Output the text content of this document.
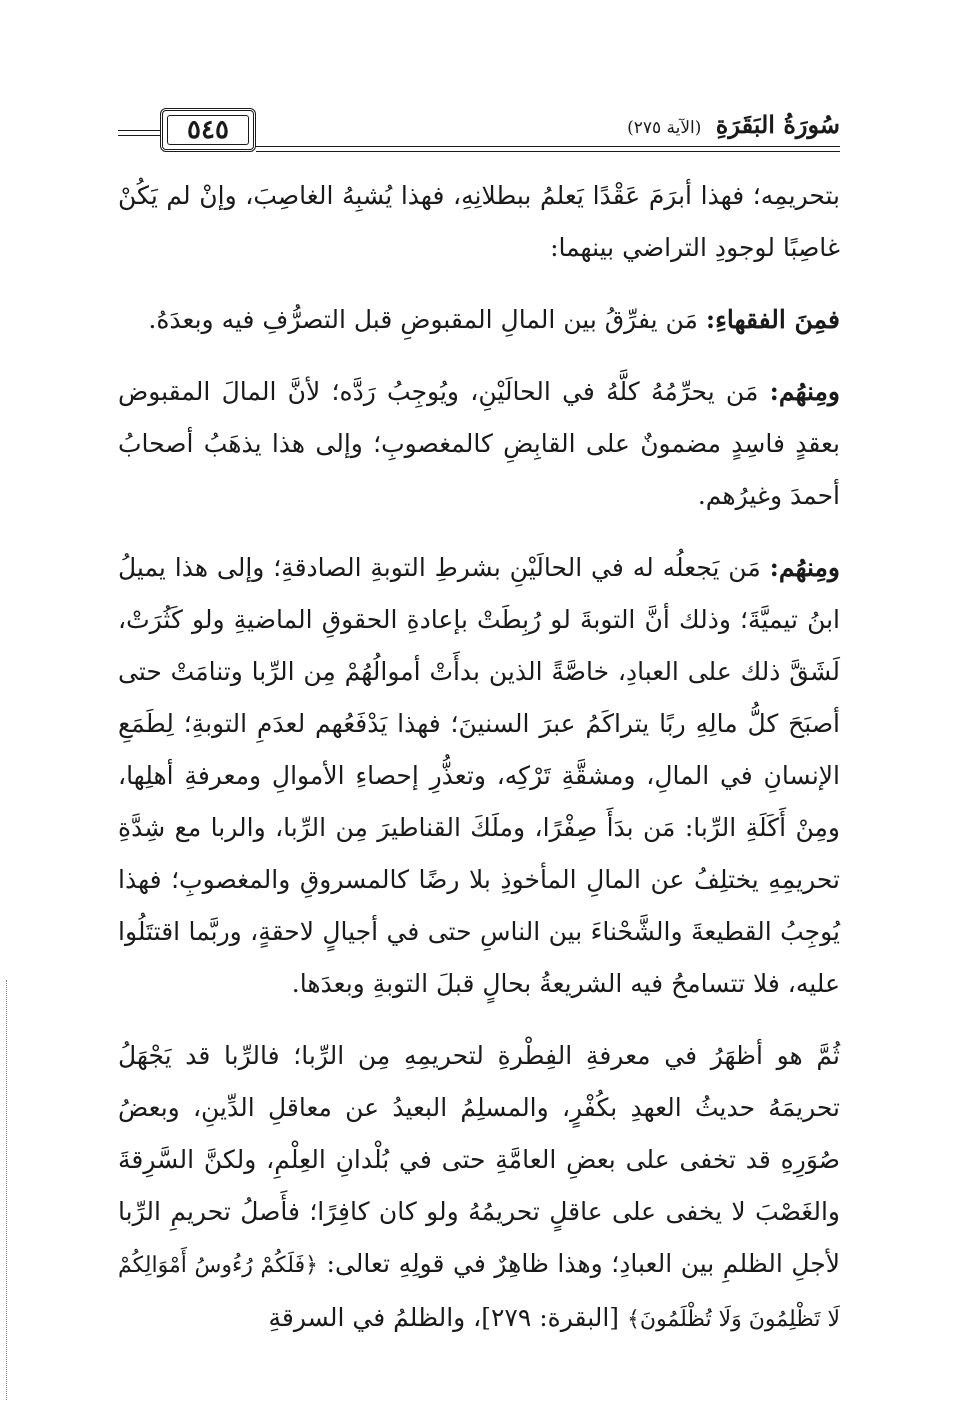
٥٤٥	سُورَةُ البَقَرَةِ (الآية ٢٧٥)

بتحريمِه؛ فهذا أبرَمَ عَقْدًا يَعلمُ ببطلانِهِ، فهذا يُشبِهُ الغاصِبَ، وإنْ لم يَكُنْ غاصِبًا لوجودِ التراضي بينهما:

فمِنَ الفقهاءِ: مَن يفرِّقُ بين المالِ المقبوضِ قبل التصرُّفِ فيه وبعدَهُ.

ومِنهُم: مَن يحرِّمُهُ كلَّهُ في الحالَيْنِ، ويُوجِبُ رَدَّه؛ لأنَّ المالَ المقبوض بعقدٍ فاسِدٍ مضمونٌ على القابِضِ كالمغصوبِ؛ وإلى هذا يذهَبُ أصحابُ أحمدَ وغيرُهم.

ومِنهُم: مَن يَجعلُه له في الحالَيْنِ بشرطِ التوبةِ الصادقةِ؛ وإلى هذا يميلُ ابنُ تيميَّةَ؛ وذلك أنَّ التوبةَ لو رُبِطَتْ بإعادةِ الحقوقِ الماضيةِ ولو كَثُرَتْ، لَشَقَّ ذلك على العبادِ، خاصَّةً الذين بدأَتْ أموالُهُمْ مِن الرِّبا وتنامَتْ حتى أصبَحَ كلُّ مالِهِ ربًا يتراكَمُ عبرَ السنينَ؛ فهذا يَدْفَعُهم لعدَمِ التوبةِ؛ لِطَمَعِ الإنسانِ في المالِ، ومشقَّةِ تَرْكِه، وتعذُّرِ إحصاءِ الأموالِ ومعرفةِ أهلِها، ومِنْ أَكَلَةِ الرِّبا: مَن بدَأَ صِفْرًا، وملَكَ القناطيرَ مِن الرِّبا، والربا مع شِدَّةِ تحريمِهِ يختلِفُ عن المالِ المأخوذِ بلا رضًا كالمسروقِ والمغصوبِ؛ فهذا يُوجِبُ القطيعةَ والشَّحْناءَ بين الناسِ حتى في أجيالٍ لاحقةٍ، وربَّما اقتتَلُوا عليه، فلا تتسامحُ فيه الشريعةُ بحالٍ قبلَ التوبةِ وبعدَها.

ثُمَّ هو أظهَرُ في معرفةِ الفِطْرةِ لتحريمِهِ مِن الرِّبا؛ فالرِّبا قد يَجْهَلُ تحريمَهُ حديثُ العهدِ بكُفْرٍ، والمسلِمُ البعيدُ عن معاقلِ الدِّينِ، وبعضُ صُوَرِهِ قد تخفى على بعضِ العامَّةِ حتى في بُلْدانِ العِلْمِ، ولكنَّ السَّرِقةَ والغَصْبَ لا يخفى على عاقلٍ تحريمُهُ ولو كان كافِرًا؛ فأَصلُ تحريمِ الرِّبا لأجلِ الظلمِ بين العبادِ؛ وهذا ظاهِرٌ في قولِهِ تعالى: ﴿فَلَكُمْ رُءُوسُ أَمْوَالِكُمْ لَا تَظْلِمُونَ وَلَا تُظْلَمُونَ﴾ [البقرة: ٢٧٩]، والظلمُ في السرقةِ
